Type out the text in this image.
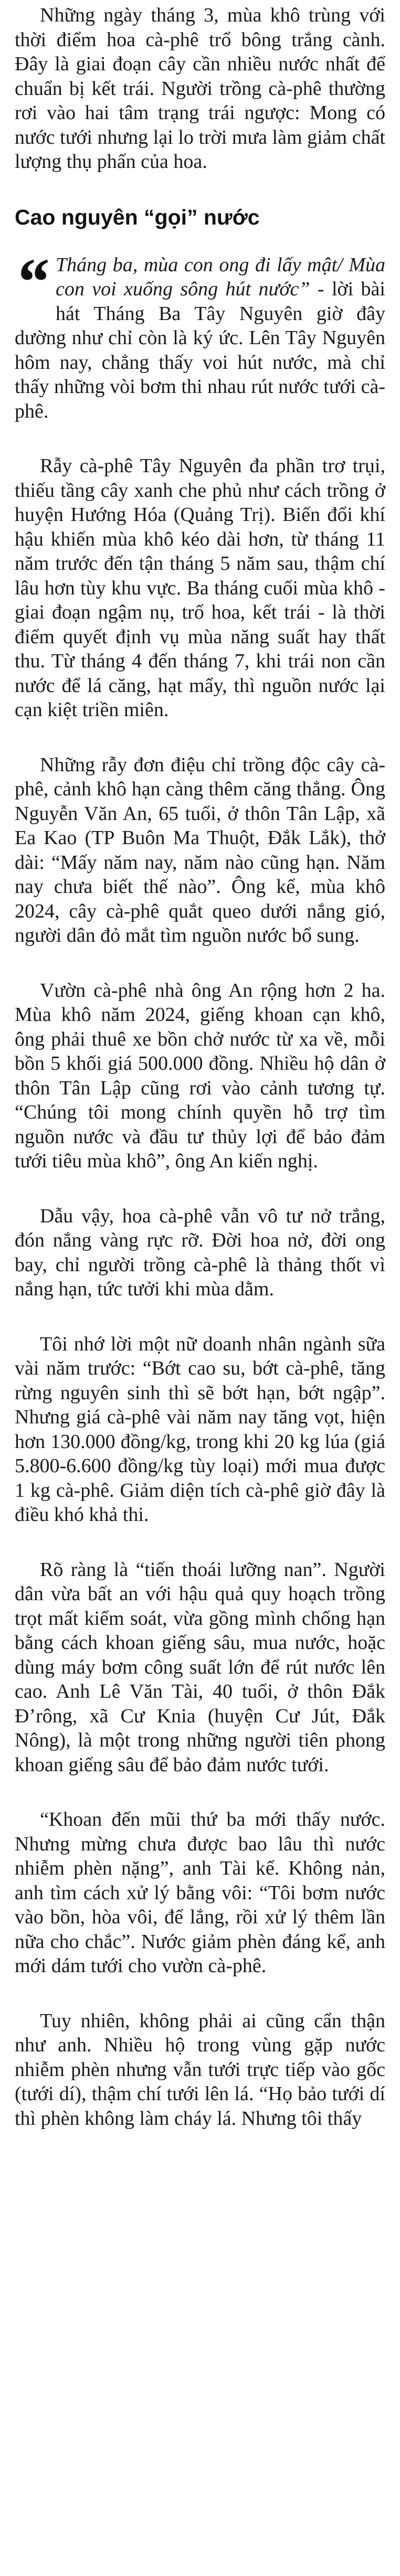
Những ngày tháng 3, mùa khô trùng với thời điểm hoa cà-phê trổ bông trắng cành. Đây là giai đoạn cây cần nhiều nước nhất để chuẩn bị kết trái. Người trồng cà-phê thường rơi vào hai tâm trạng trái ngược: Mong có nước tưới nhưng lại lo trời mưa làm giảm chất lượng thụ phấn của hoa.

Cao nguyên “gọi” nước

“ Tháng ba, mùa con ong đi lấy mật/ Mùa con voi xuống sông hút nước” - lời bài hát Tháng Ba Tây Nguyên giờ đây dường như chỉ còn là ký ức. Lên Tây Nguyên hôm nay, chẳng thấy voi hút nước, mà chỉ thấy những vòi bơm thi nhau rút nước tưới cà-phê.

Rẫy cà-phê Tây Nguyên đa phần trơ trụi, thiếu tầng cây xanh che phủ như cách trồng ở huyện Hướng Hóa (Quảng Trị). Biến đổi khí hậu khiến mùa khô kéo dài hơn, từ tháng 11 năm trước đến tận tháng 5 năm sau, thậm chí lâu hơn tùy khu vực. Ba tháng cuối mùa khô - giai đoạn ngậm nụ, trổ hoa, kết trái - là thời điểm quyết định vụ mùa năng suất hay thất thu. Từ tháng 4 đến tháng 7, khi trái non cần nước để lá căng, hạt mẩy, thì nguồn nước lại cạn kiệt triền miên.

Những rẫy đơn điệu chỉ trồng độc cây cà-phê, cảnh khô hạn càng thêm căng thẳng. Ông Nguyễn Văn An, 65 tuổi, ở thôn Tân Lập, xã Ea Kao (TP Buôn Ma Thuột, Đắk Lắk), thở dài: “Mấy năm nay, năm nào cũng hạn. Năm nay chưa biết thế nào”. Ông kể, mùa khô 2024, cây cà-phê quắt queo dưới nắng gió, người dân đỏ mắt tìm nguồn nước bổ sung.

Vườn cà-phê nhà ông An rộng hơn 2 ha. Mùa khô năm 2024, giếng khoan cạn khô, ông phải thuê xe bồn chở nước từ xa về, mỗi bồn 5 khối giá 500.000 đồng. Nhiều hộ dân ở thôn Tân Lập cũng rơi vào cảnh tương tự. “Chúng tôi mong chính quyền hỗ trợ tìm nguồn nước và đầu tư thủy lợi để bảo đảm tưới tiêu mùa khô”, ông An kiến nghị.

Dẫu vậy, hoa cà-phê vẫn vô tư nở trắng, đón nắng vàng rực rỡ. Đời hoa nở, đời ong bay, chỉ người trồng cà-phê là thảng thốt vì nắng hạn, tức tưởi khi mùa dằm.

Tôi nhớ lời một nữ doanh nhân ngành sữa vài năm trước: “Bớt cao su, bớt cà-phê, tăng rừng nguyên sinh thì sẽ bớt hạn, bớt ngập”. Nhưng giá cà-phê vài năm nay tăng vọt, hiện hơn 130.000 đồng/kg, trong khi 20 kg lúa (giá 5.800-6.600 đồng/kg tùy loại) mới mua được 1 kg cà-phê. Giảm diện tích cà-phê giờ đây là điều khó khả thi.

Rõ ràng là “tiến thoái lưỡng nan”. Người dân vừa bất an với hậu quả quy hoạch trồng trọt mất kiểm soát, vừa gồng mình chống hạn bằng cách khoan giếng sâu, mua nước, hoặc dùng máy bơm công suất lớn để rút nước lên cao. Anh Lê Văn Tài, 40 tuổi, ở thôn Đắk Đ’rông, xã Cư Knia (huyện Cư Jút, Đắk Nông), là một trong những người tiên phong khoan giếng sâu để bảo đảm nước tưới.

“Khoan đến mũi thứ ba mới thấy nước. Nhưng mừng chưa được bao lâu thì nước nhiễm phèn nặng”, anh Tài kể. Không nản, anh tìm cách xử lý bằng vôi: “Tôi bơm nước vào bồn, hòa vôi, để lắng, rồi xử lý thêm lần nữa cho chắc”. Nước giảm phèn đáng kể, anh mới dám tưới cho vườn cà-phê.

Tuy nhiên, không phải ai cũng cẩn thận như anh. Nhiều hộ trong vùng gặp nước nhiễm phèn nhưng vẫn tưới trực tiếp vào gốc (tưới dí), thậm chí tưới lên lá. “Họ bảo tưới dí thì phèn không làm cháy lá. Nhưng tôi thấy
